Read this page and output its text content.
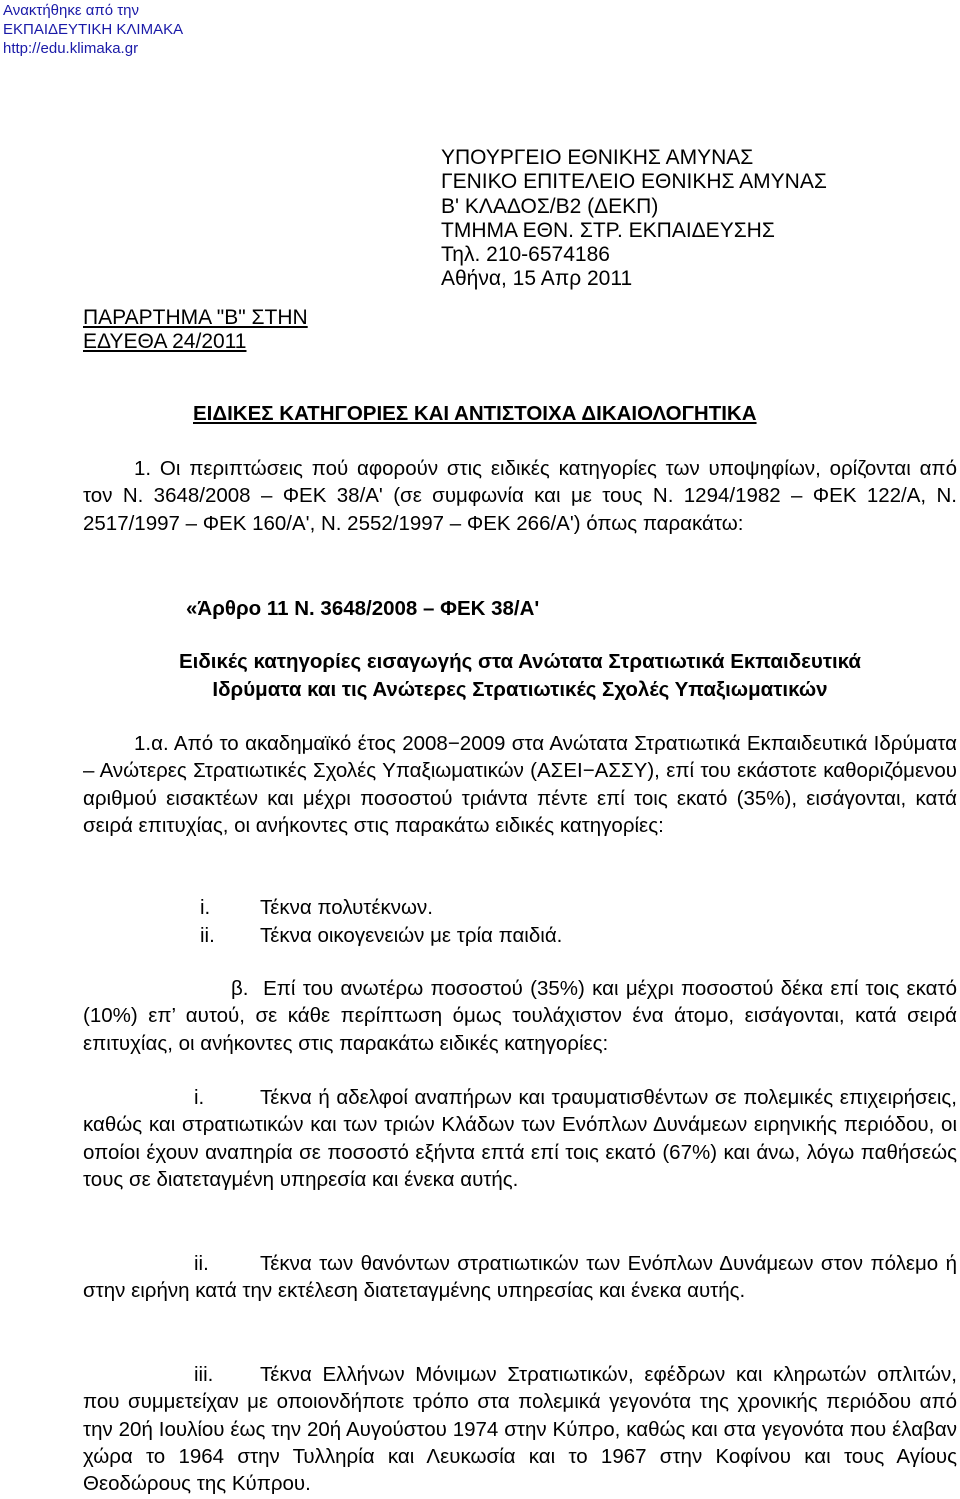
Ανακτήθηκε από την
ΕΚΠΑΙΔΕΥΤΙΚΗ ΚΛΙΜΑΚΑ
http://edu.klimaka.gr
ΥΠΟΥΡΓΕΙΟ ΕΘΝΙΚΗΣ ΑΜΥΝΑΣ
ΓΕΝΙΚΟ ΕΠΙΤΕΛΕΙΟ ΕΘΝΙΚΗΣ ΑΜΥΝΑΣ
Β' ΚΛΑΔΟΣ/Β2 (ΔΕΚΠ)
ΤΜΗΜΑ ΕΘΝ. ΣΤΡ. ΕΚΠΑΙΔΕΥΣΗΣ
Τηλ. 210-6574186
Αθήνα, 15 Απρ 2011
ΠΑΡΑΡΤΗΜΑ "Β" ΣΤΗΝ
ΕΔΥΕΘΑ 24/2011
ΕΙΔΙΚΕΣ ΚΑΤΗΓΟΡΙΕΣ ΚΑΙ ΑΝΤΙΣΤΟΙΧΑ ΔΙΚΑΙΟΛΟΓΗΤΙΚΑ
1. Οι περιπτώσεις πού αφορούν στις ειδικές κατηγορίες των υποψηφίων, ορίζονται από τον Ν. 3648/2008 – ΦΕΚ 38/Α' (σε συμφωνία και με τους Ν. 1294/1982 – ΦΕΚ 122/Α, Ν. 2517/1997 – ΦΕΚ 160/Α', Ν. 2552/1997 – ΦΕΚ 266/Α') όπως παρακάτω:
«Άρθρο 11 Ν. 3648/2008 – ΦΕΚ 38/Α'
Ειδικές κατηγορίες εισαγωγής στα Ανώτατα Στρατιωτικά Εκπαιδευτικά
Ιδρύματα και τις Ανώτερες Στρατιωτικές Σχολές Υπαξιωματικών
1.α. Από το ακαδημαϊκό έτος 2008−2009 στα Ανώτατα Στρατιωτικά Εκπαιδευτικά Ιδρύματα – Ανώτερες Στρατιωτικές Σχολές Υπαξιωματικών (ΑΣΕΙ−ΑΣΣΥ), επί του εκάστοτε καθοριζόμενου αριθμού εισακτέων και μέχρι ποσοστού τριάντα πέντε επί τοις εκατό (35%), εισάγονται, κατά σειρά επιτυχίας, οι ανήκοντες στις παρακάτω ειδικές κατηγορίες:
i. Τέκνα πολυτέκνων.
ii. Τέκνα οικογενειών με τρία παιδιά.
β. Επί του ανωτέρω ποσοστού (35%) και μέχρι ποσοστού δέκα επί τοις εκατό (10%) επ’ αυτού, σε κάθε περίπτωση όμως τουλάχιστον ένα άτομο, εισάγονται, κατά σειρά επιτυχίας, οι ανήκοντες στις παρακάτω ειδικές κατηγορίες:
i.	Τέκνα ή αδελφοί αναπήρων και τραυματισθέντων σε πολεμικές επιχειρήσεις, καθώς και στρατιωτικών και των τριών Κλάδων των Ενόπλων Δυνάμεων ειρηνικής περιόδου, οι οποίοι έχουν αναπηρία σε ποσοστό εξήντα επτά επί τοις εκατό (67%) και άνω, λόγω παθήσεώς τους σε διατεταγμένη υπηρεσία και ένεκα αυτής.
ii. Τέκνα των θανόντων στρατιωτικών των Ενόπλων Δυνάμεων στον πόλεμο ή στην ειρήνη κατά την εκτέλεση διατεταγμένης υπηρεσίας και ένεκα αυτής.
iii. Τέκνα Ελλήνων Μόνιμων Στρατιωτικών, εφέδρων και κληρωτών οπλιτών, που συμμετείχαν με οποιονδήποτε τρόπο στα πολεμικά γεγονότα της χρονικής περιόδου από την 20ή Ιουλίου έως την 20ή Αυγούστου 1974 στην Κύπρο, καθώς και στα γεγονότα που έλαβαν χώρα το 1964 στην Τυλληρία και Λευκωσία και το 1967 στην Κοφίνου και τους Αγίους Θεοδώρους της Κύπρου.
